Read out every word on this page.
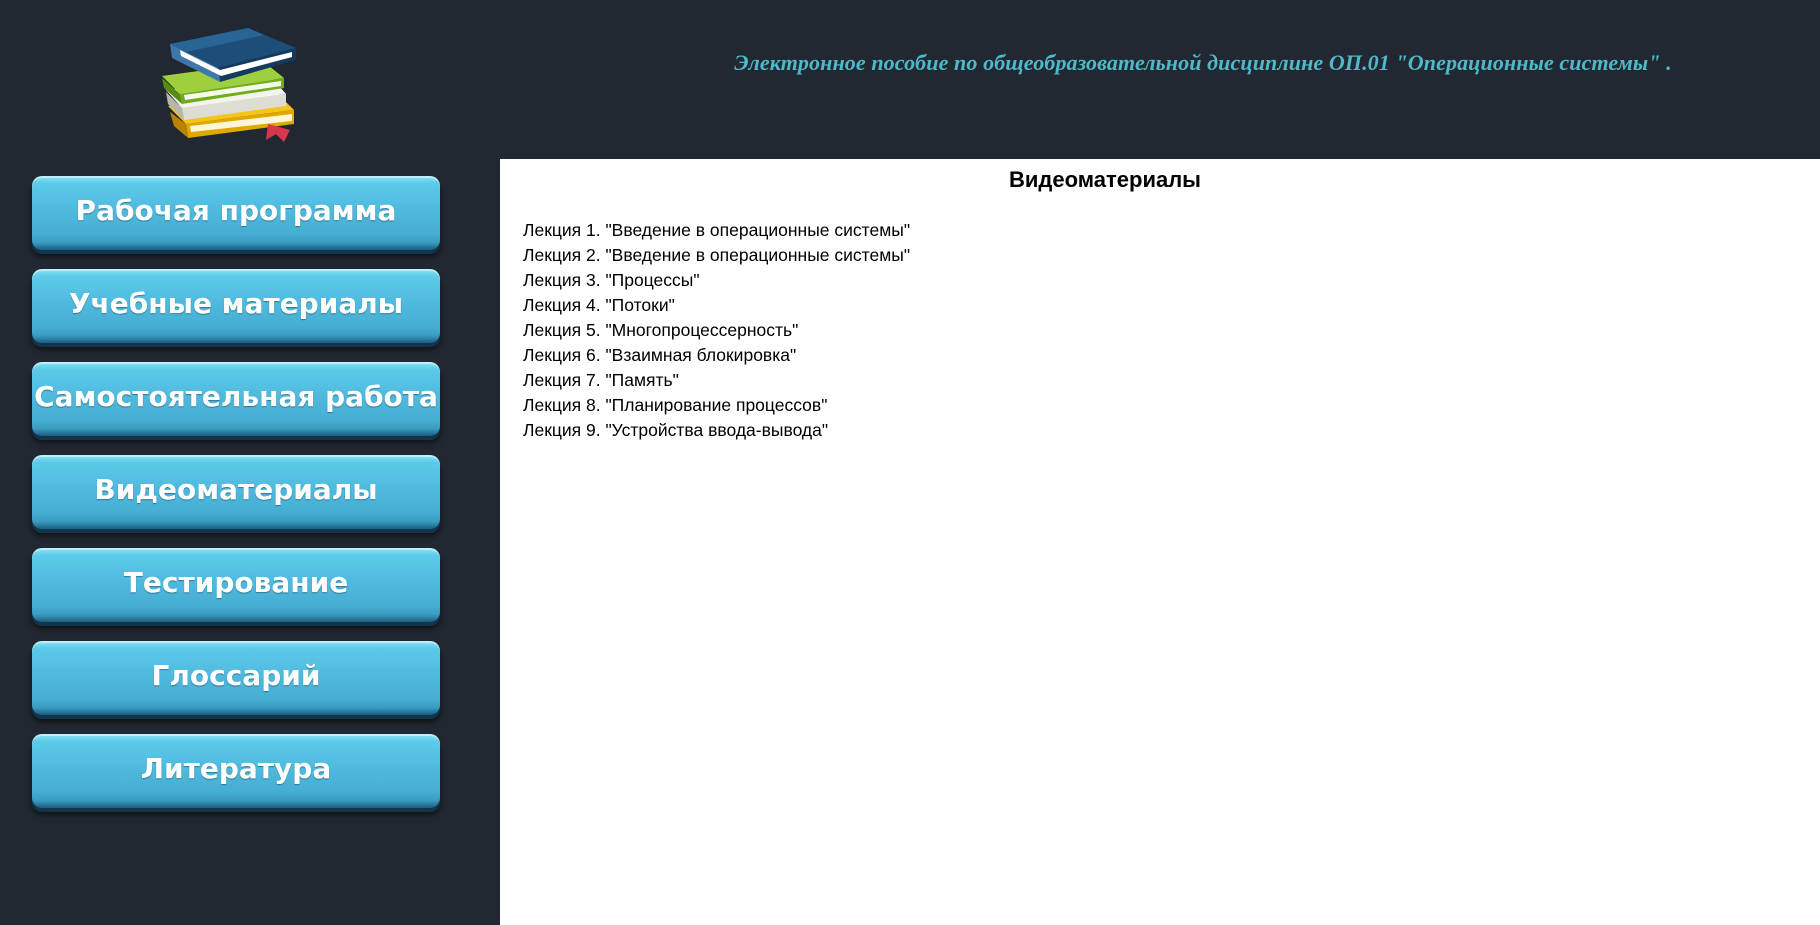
Электронное пособие по общеобразовательной дисциплине ОП.01 "Операционные системы" .
Рабочая программа
Учебные материалы
Самостоятельная работа
Видеоматериалы
Тестирование
Глоссарий
Литература
Видеоматериалы
Лекция 1. "Введение в операционные системы"
Лекция 2. "Введение в операционные системы"
Лекция 3. "Процессы"
Лекция 4. "Потоки"
Лекция 5. "Многопроцессерность"
Лекция 6. "Взаимная блокировка"
Лекция 7. "Память"
Лекция 8. "Планирование процессов"
Лекция 9. "Устройства ввода-вывода"
